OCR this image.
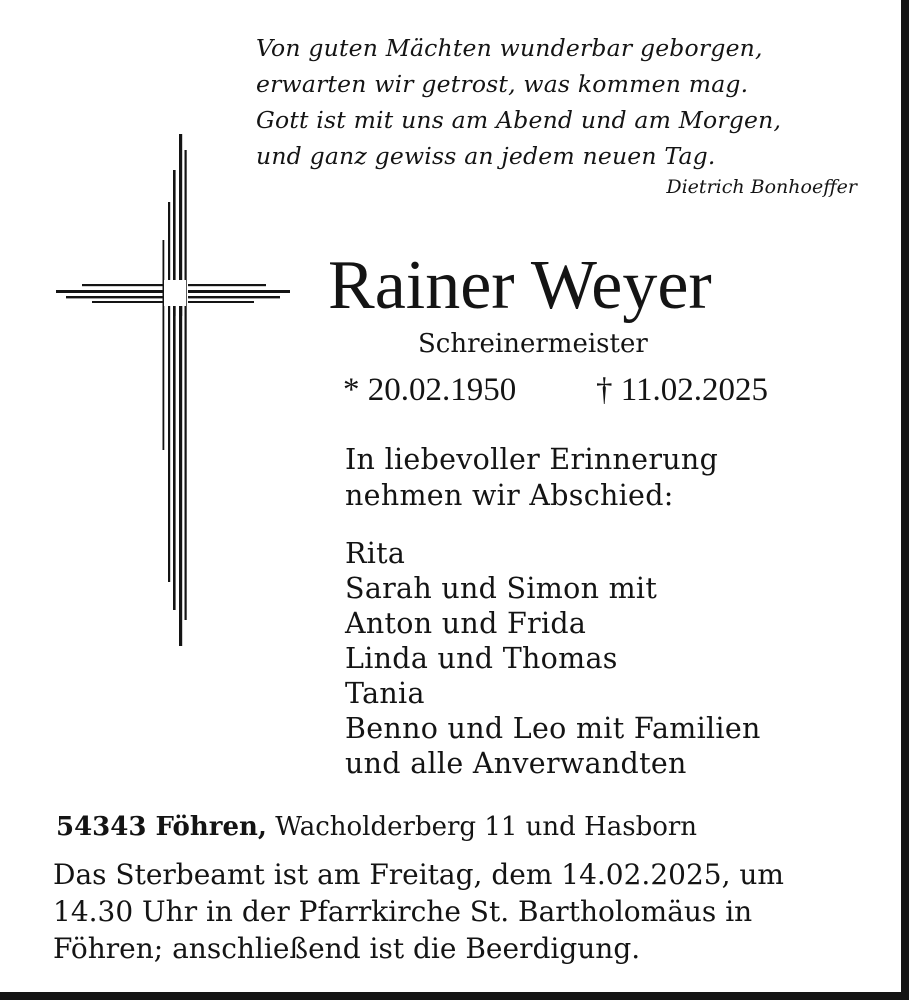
Von guten Mächten wunderbar geborgen,
erwarten wir getrost, was kommen mag.
Gott ist mit uns am Abend und am Morgen,
und ganz gewiss an jedem neuen Tag.
Dietrich Bonhoeffer
Rainer Weyer
Schreinermeister
* 20.02.1950 † 11.02.2025
In liebevoller Erinnerung
nehmen wir Abschied:
Rita
Sarah und Simon mit
Anton und Frida
Linda und Thomas
Tania
Benno und Leo mit Familien
und alle Anverwandten
54343 Föhren, Wacholderberg 11 und Hasborn
Das Sterbeamt ist am Freitag, dem 14.02.2025, um
14.30 Uhr in der Pfarrkirche St. Bartholomäus in
Föhren; anschließend ist die Beerdigung.
